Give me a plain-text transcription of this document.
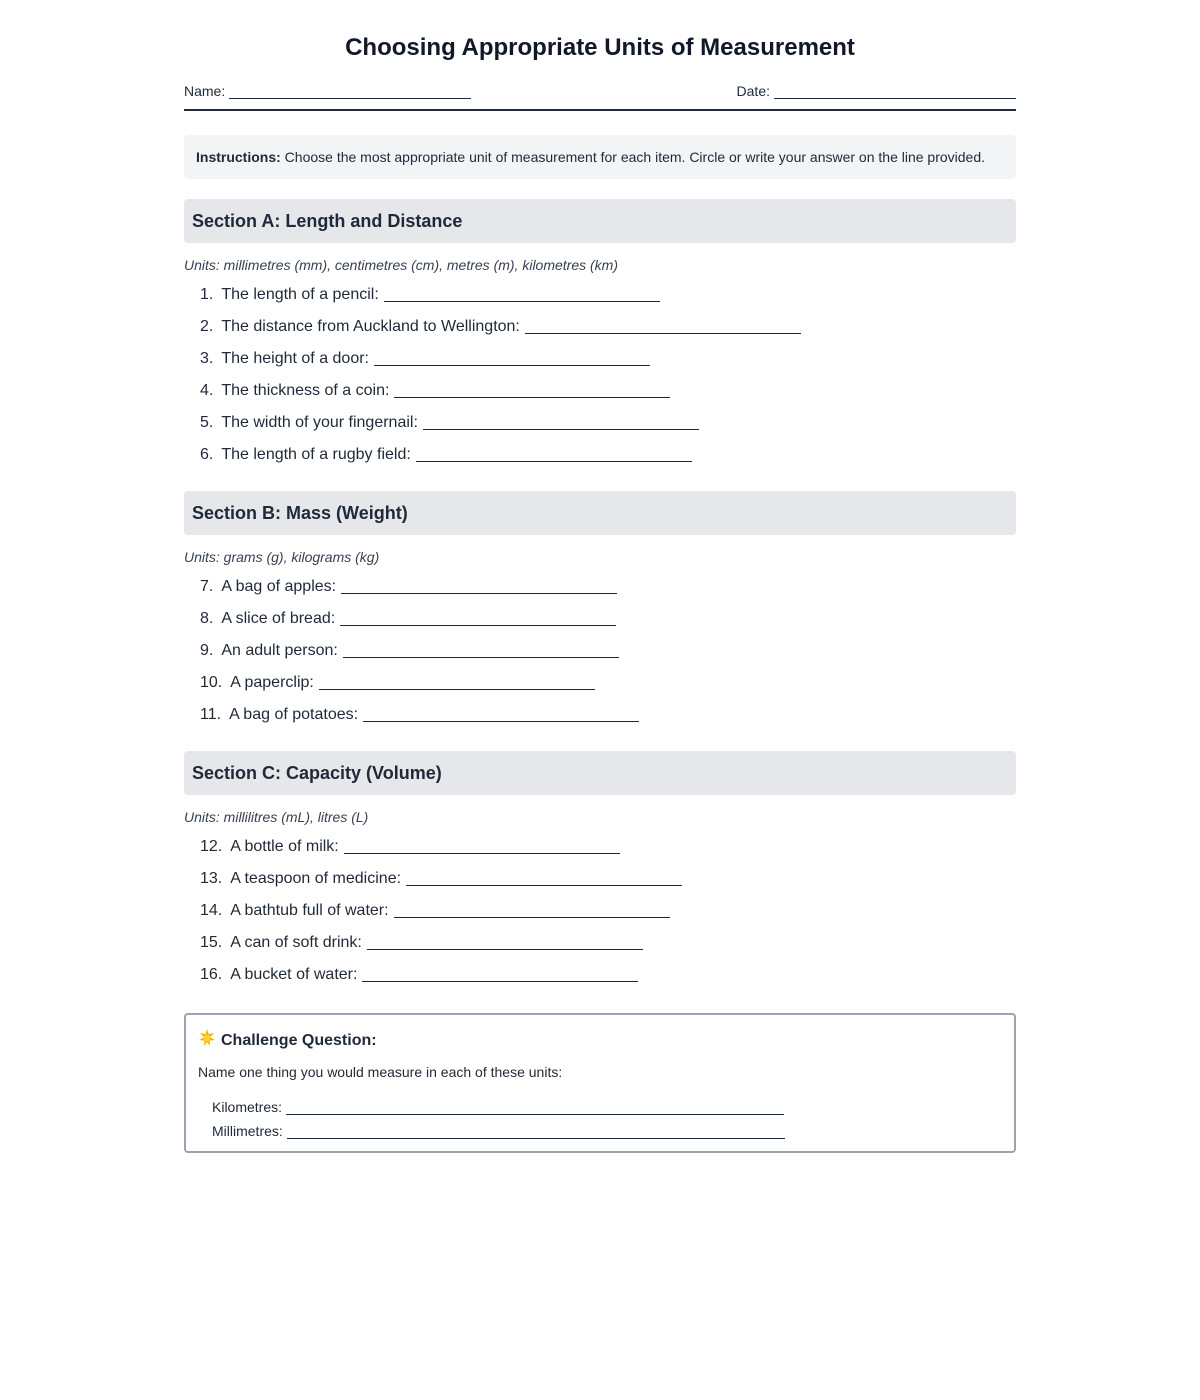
Choosing Appropriate Units of Measurement
Name:	Date:
Instructions: Choose the most appropriate unit of measurement for each item. Circle or write your answer on the line provided.
Section A: Length and Distance
Units: millimetres (mm), centimetres (cm), metres (m), kilometres (km)
1. The length of a pencil:
2. The distance from Auckland to Wellington:
3. The height of a door:
4. The thickness of a coin:
5. The width of your fingernail:
6. The length of a rugby field:
Section B: Mass (Weight)
Units: grams (g), kilograms (kg)
7. A bag of apples:
8. A slice of bread:
9. An adult person:
10. A paperclip:
11. A bag of potatoes:
Section C: Capacity (Volume)
Units: millilitres (mL), litres (L)
12. A bottle of milk:
13. A teaspoon of medicine:
14. A bathtub full of water:
15. A can of soft drink:
16. A bucket of water:
Challenge Question:
Name one thing you would measure in each of these units:
Kilometres:
Millimetres:
